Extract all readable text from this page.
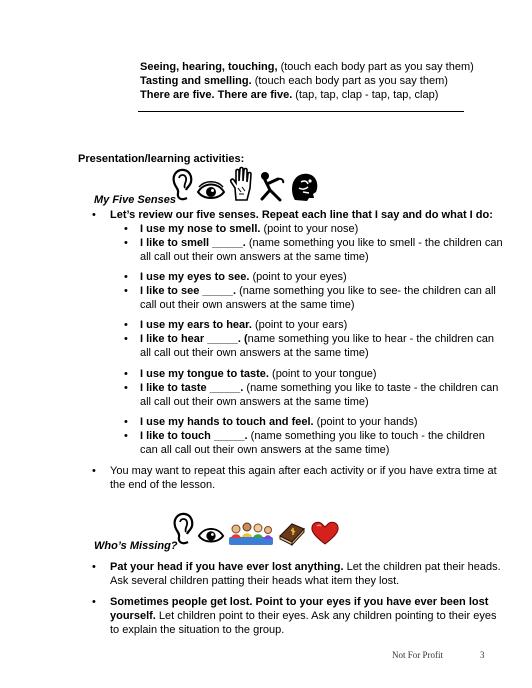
Seeing, hearing, touching, (touch each body part as you say them)
Tasting and smelling. (touch each body part as you say them)
There are five. There are five. (tap, tap, clap - tap, tap, clap)
Presentation/learning activities:
My Five Senses
• Let’s review our five senses. Repeat each line that I say and do what I do:
• I use my nose to smell. (point to your nose)
• I like to smell _____. (name something you like to smell - the children can all call out their own answers at the same time)
• I use my eyes to see. (point to your eyes)
• I like to see _____. (name something you like to see- the children can all call out their own answers at the same time)
• I use my ears to hear. (point to your ears)
• I like to hear _____. (name something you like to hear - the children can all call out their own answers at the same time)
• I use my tongue to taste. (point to your tongue)
• I like to taste _____. (name something you like to taste - the children can all call out their own answers at the same time)
• I use my hands to touch and feel. (point to your hands)
• I like to touch _____. (name something you like to touch - the children can all call out their own answers at the same time)
• You may want to repeat this again after each activity or if you have extra time at the end of the lesson.
Who’s Missing?
• Pat your head if you have ever lost anything. Let the children pat their heads. Ask several children patting their heads what item they lost.
• Sometimes people get lost. Point to your eyes if you have ever been lost yourself. Let children point to their eyes. Ask any children pointing to their eyes to explain the situation to the group.
Not For Profit	3
